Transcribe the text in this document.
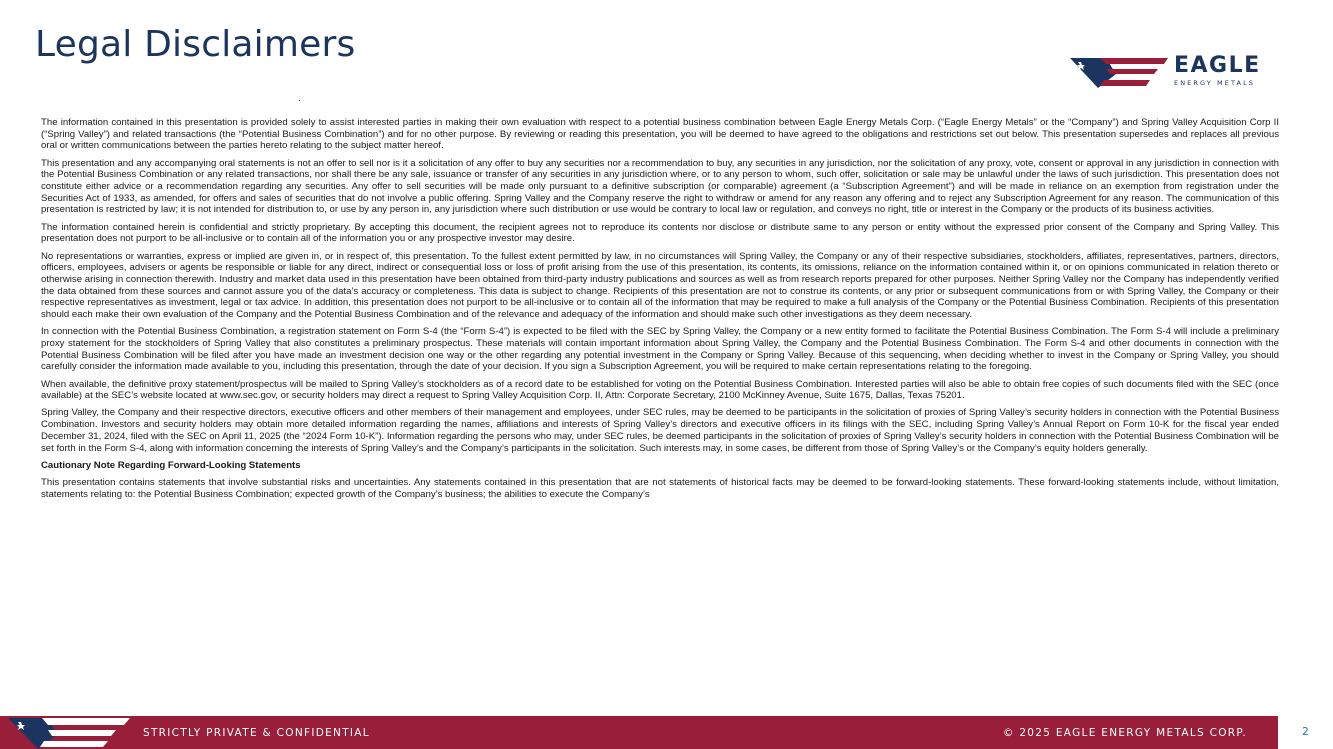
Legal Disclaimers
EAGLE
ENERGY METALS

The information contained in this presentation is provided solely to assist interested parties in making their own evaluation with respect to a potential business combination between Eagle Energy Metals Corp. (“Eagle Energy Metals” or the “Company”) and Spring Valley Acquisition Corp II (“Spring Valley”) and related transactions (the “Potential Business Combination”) and for no other purpose. By reviewing or reading this presentation, you will be deemed to have agreed to the obligations and restrictions set out below. This presentation supersedes and replaces all previous oral or written communications between the parties hereto relating to the subject matter hereof.

This presentation and any accompanying oral statements is not an offer to sell nor is it a solicitation of any offer to buy any securities nor a recommendation to buy, any securities in any jurisdiction, nor the solicitation of any proxy, vote, consent or approval in any jurisdiction in connection with the Potential Business Combination or any related transactions, nor shall there be any sale, issuance or transfer of any securities in any jurisdiction where, or to any person to whom, such offer, solicitation or sale may be unlawful under the laws of such jurisdiction. This presentation does not constitute either advice or a recommendation regarding any securities. Any offer to sell securities will be made only pursuant to a definitive subscription (or comparable) agreement (a “Subscription Agreement”) and will be made in reliance on an exemption from registration under the Securities Act of 1933, as amended, for offers and sales of securities that do not involve a public offering. Spring Valley and the Company reserve the right to withdraw or amend for any reason any offering and to reject any Subscription Agreement for any reason. The communication of this presentation is restricted by law; it is not intended for distribution to, or use by any person in, any jurisdiction where such distribution or use would be contrary to local law or regulation, and conveys no right, title or interest in the Company or the products of its business activities.

The information contained herein is confidential and strictly proprietary. By accepting this document, the recipient agrees not to reproduce its contents nor disclose or distribute same to any person or entity without the expressed prior consent of the Company and Spring Valley. This presentation does not purport to be all-inclusive or to contain all of the information you or any prospective investor may desire.

No representations or warranties, express or implied are given in, or in respect of, this presentation. To the fullest extent permitted by law, in no circumstances will Spring Valley, the Company or any of their respective subsidiaries, stockholders, affiliates, representatives, partners, directors, officers, employees, advisers or agents be responsible or liable for any direct, indirect or consequential loss or loss of profit arising from the use of this presentation, its contents, its omissions, reliance on the information contained within it, or on opinions communicated in relation thereto or otherwise arising in connection therewith. Industry and market data used in this presentation have been obtained from third-party industry publications and sources as well as from research reports prepared for other purposes. Neither Spring Valley nor the Company has independently verified the data obtained from these sources and cannot assure you of the data’s accuracy or completeness. This data is subject to change. Recipients of this presentation are not to construe its contents, or any prior or subsequent communications from or with Spring Valley, the Company or their respective representatives as investment, legal or tax advice. In addition, this presentation does not purport to be all-inclusive or to contain all of the information that may be required to make a full analysis of the Company or the Potential Business Combination. Recipients of this presentation should each make their own evaluation of the Company and the Potential Business Combination and of the relevance and adequacy of the information and should make such other investigations as they deem necessary.

In connection with the Potential Business Combination, a registration statement on Form S-4 (the “Form S-4”) is expected to be filed with the SEC by Spring Valley, the Company or a new entity formed to facilitate the Potential Business Combination. The Form S-4 will include a preliminary proxy statement for the stockholders of Spring Valley that also constitutes a preliminary prospectus. These materials will contain important information about Spring Valley, the Company and the Potential Business Combination. The Form S-4 and other documents in connection with the Potential Business Combination will be filed after you have made an investment decision one way or the other regarding any potential investment in the Company or Spring Valley. Because of this sequencing, when deciding whether to invest in the Company or Spring Valley, you should carefully consider the information made available to you, including this presentation, through the date of your decision. If you sign a Subscription Agreement, you will be required to make certain representations relating to the foregoing.

When available, the definitive proxy statement/prospectus will be mailed to Spring Valley’s stockholders as of a record date to be established for voting on the Potential Business Combination. Interested parties will also be able to obtain free copies of such documents filed with the SEC (once available) at the SEC’s website located at www.sec.gov, or security holders may direct a request to Spring Valley Acquisition Corp. II, Attn: Corporate Secretary, 2100 McKinney Avenue, Suite 1675, Dallas, Texas 75201.

Spring Valley, the Company and their respective directors, executive officers and other members of their management and employees, under SEC rules, may be deemed to be participants in the solicitation of proxies of Spring Valley’s security holders in connection with the Potential Business Combination. Investors and security holders may obtain more detailed information regarding the names, affiliations and interests of Spring Valley’s directors and executive officers in its filings with the SEC, including Spring Valley’s Annual Report on Form 10-K for the fiscal year ended December 31, 2024, filed with the SEC on April 11, 2025 (the “2024 Form 10-K”). Information regarding the persons who may, under SEC rules, be deemed participants in the solicitation of proxies of Spring Valley’s security holders in connection with the Potential Business Combination will be set forth in the Form S-4, along with information concerning the interests of Spring Valley’s and the Company’s participants in the solicitation. Such interests may, in some cases, be different from those of Spring Valley’s or the Company’s equity holders generally.

Cautionary Note Regarding Forward-Looking Statements

This presentation contains statements that involve substantial risks and uncertainties. Any statements contained in this presentation that are not statements of historical facts may be deemed to be forward-looking statements. These forward-looking statements include, without limitation, statements relating to: the Potential Business Combination; expected growth of the Company’s business; the abilities to execute the Company’s

STRICTLY PRIVATE & CONFIDENTIAL	© 2025 EAGLE ENERGY METALS CORP.	2
